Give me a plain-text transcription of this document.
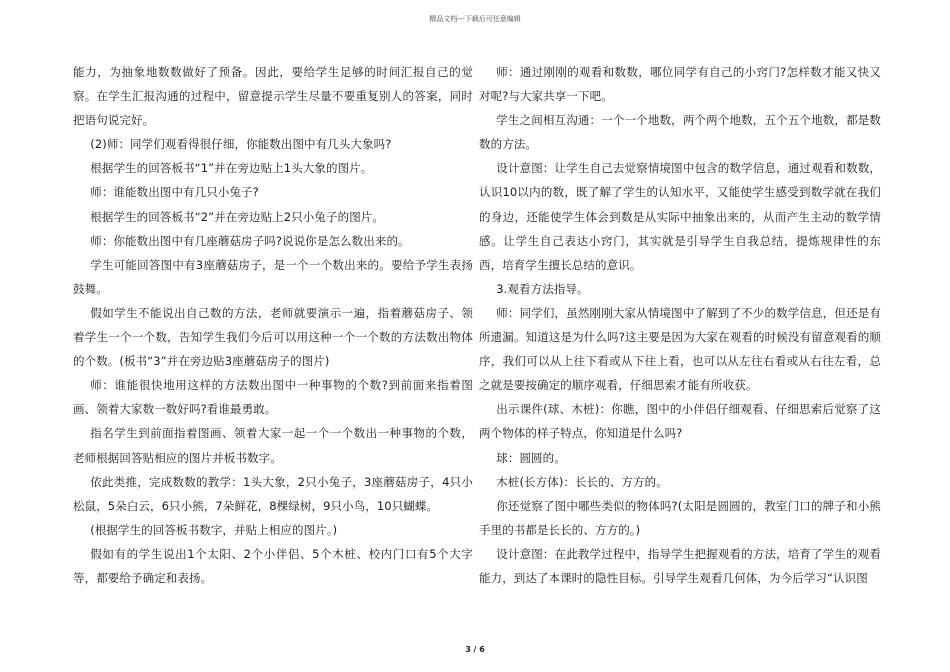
精品文档---下载后可任意编辑

能力，为抽象地数数做好了预备。因此，要给学生足够的时间汇报自己的觉察。在学生汇报沟通的过程中，留意提示学生尽量不要重复别人的答案，同时把语句说完好。

(2)师：同学们观看得很仔细，你能数出图中有几头大象吗?

根据学生的回答板书“1”并在旁边贴上1头大象的图片。

师：谁能数出图中有几只小兔子?

根据学生的回答板书“2”并在旁边贴上2只小兔子的图片。

师：你能数出图中有几座蘑菇房子吗?说说你是怎么数出来的。

学生可能回答图中有3座蘑菇房子，是一个一个数出来的。要给予学生表扬鼓舞。

假如学生不能说出自己数的方法，老师就要演示一遍，指着蘑菇房子、领着学生一个一个数，告知学生我们今后可以用这种一个一个数的方法数出物体的个数。(板书“3”并在旁边贴3座蘑菇房子的图片)

师：谁能很快地用这样的方法数出图中一种事物的个数?到前面来指着图画、领着大家数一数好吗?看谁最勇敢。

指名学生到前面指着图画、领着大家一起一个一个数出一种事物的个数，老师根据回答贴相应的图片并板书数字。

依此类推，完成数数的教学：1头大象，2只小兔子，3座蘑菇房子，4只小松鼠，5朵白云，6只小熊，7朵鲜花，8棵绿树，9只小鸟，10只蝴蝶。

(根据学生的回答板书数字，并贴上相应的图片。)

假如有的学生说出1个太阳、2个小伴侣、5个木桩、校内门口有5个大字等，都要给予确定和表扬。

师：通过刚刚的观看和数数，哪位同学有自己的小窍门?怎样数才能又快又对呢?与大家共享一下吧。

学生之间相互沟通：一个一个地数，两个两个地数，五个五个地数，都是数数的方法。

设计意图：让学生自己去觉察情境图中包含的数学信息，通过观看和数数，认识10以内的数，既了解了学生的认知水平，又能使学生感受到数学就在我们的身边，还能使学生体会到数是从实际中抽象出来的，从而产生主动的数学情感。让学生自己表达小窍门，其实就是引导学生自我总结，提炼规律性的东西，培育学生擅长总结的意识。

3.观看方法指导。

师：同学们，虽然刚刚大家从情境图中了解到了不少的数学信息，但还是有所遗漏。知道这是为什么吗?这主要是因为大家在观看的时候没有留意观看的顺序，我们可以从上往下看或从下往上看，也可以从左往右看或从右往左看，总之就是要按确定的顺序观看，仔细思索才能有所收获。

出示课件(球、木桩)：你瞧，图中的小伴侣仔细观看、仔细思索后觉察了这两个物体的样子特点，你知道是什么吗?

球：圆圆的。

木桩(长方体)：长长的、方方的。

你还觉察了图中哪些类似的物体吗?(太阳是圆圆的，教室门口的牌子和小熊手里的书都是长长的、方方的。)

设计意图：在此教学过程中，指导学生把握观看的方法，培育了学生的观看能力，到达了本课时的隐性目标。引导学生观看几何体，为今后学习“认识图

3 / 6
